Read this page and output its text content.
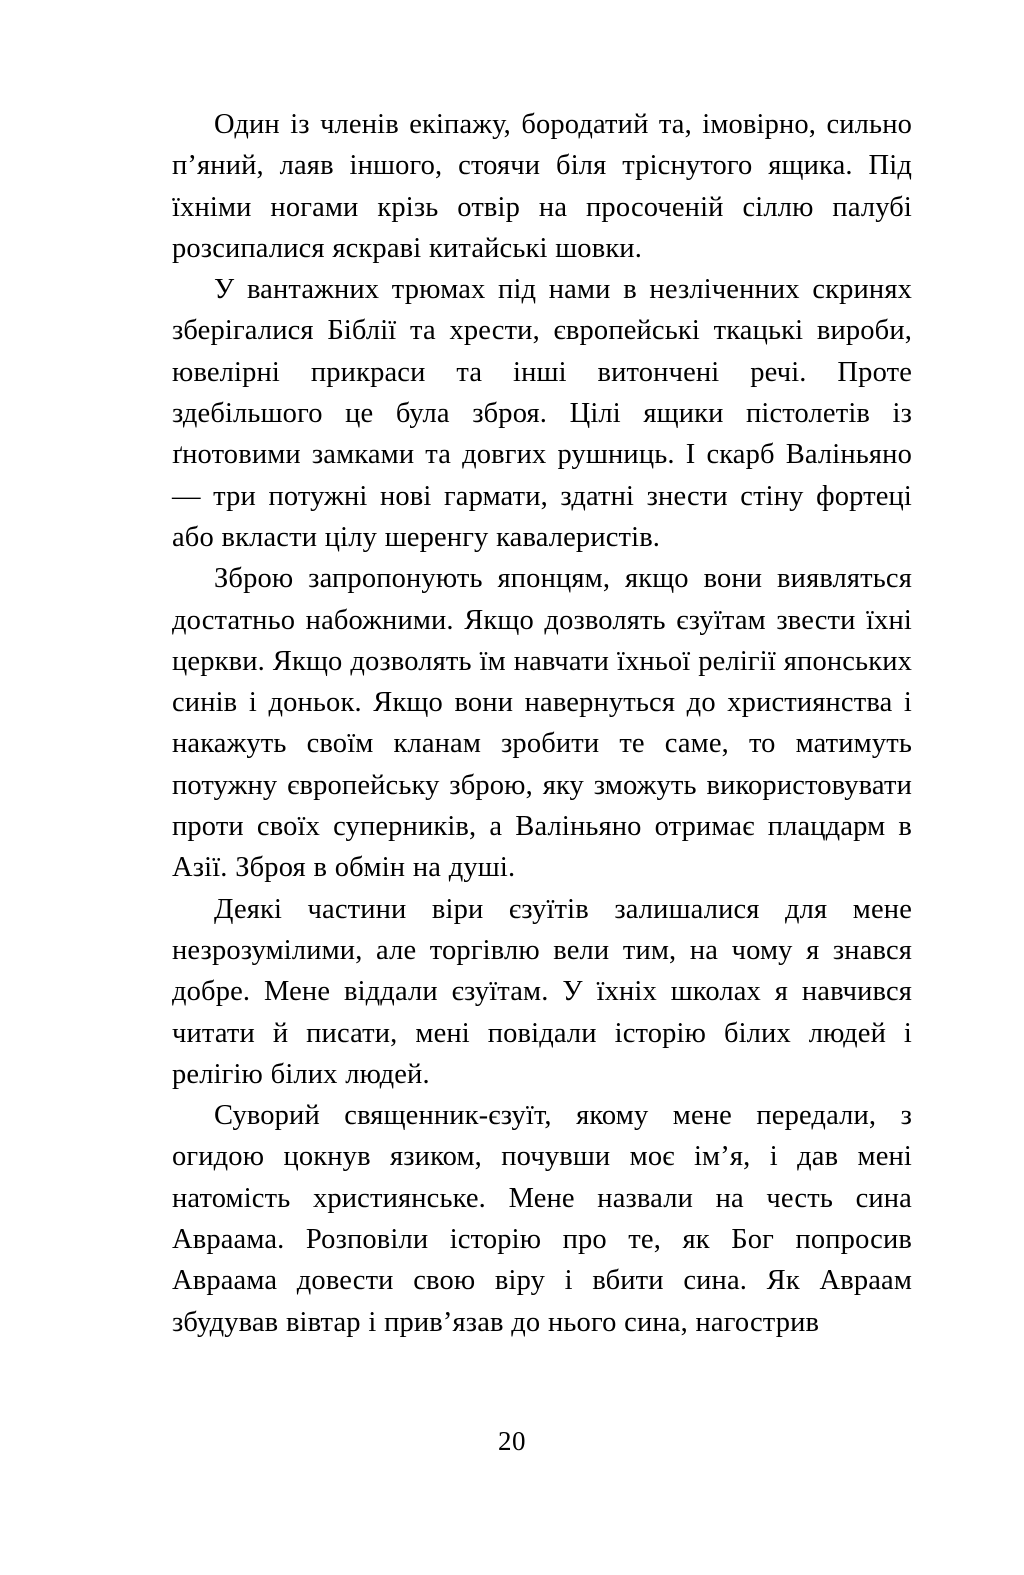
Один із членів екіпажу, бородатий та, імовірно, сильно п’яний, лаяв іншого, стоячи біля тріснутого ящика. Під їхніми ногами крізь отвір на просоченій сіллю палубі розсипалися яскраві китайські шовки.

У вантажних трюмах під нами в незліченних скринях зберігалися Біблії та хрести, європейські ткацькі вироби, ювелірні прикраси та інші витончені речі. Проте здебільшого це була зброя. Цілі ящики пістолетів із ґнотовими замками та довгих рушниць. І скарб Валіньяно — три потужні нові гармати, здатні знести стіну фортеці або вкласти цілу шеренгу кавалеристів.

Зброю запропонують японцям, якщо вони виявляться достатньо набожними. Якщо дозволять єзуїтам звести їхні церкви. Якщо дозволять їм навчати їхньої релігії японських синів і доньок. Якщо вони навернуться до християнства і накажуть своїм кланам зробити те саме, то матимуть потужну європейську зброю, яку зможуть використовувати проти своїх суперників, а Валіньяно отримає плацдарм в Азії. Зброя в обмін на душі.

Деякі частини віри єзуїтів залишалися для мене незрозумілими, але торгівлю вели тим, на чому я знався добре. Мене віддали єзуїтам. У їхніх школах я навчився читати й писати, мені повідали історію білих людей і релігію білих людей.

Суворий священник-єзуїт, якому мене передали, з огидою цокнув язиком, почувши моє ім’я, і дав мені натомість християнське. Мене назвали на честь сина Авраама. Розповіли історію про те, як Бог попросив Авраама довести свою віру і вбити сина. Як Авраам збудував вівтар і прив’язав до нього сина, нагострив

20
